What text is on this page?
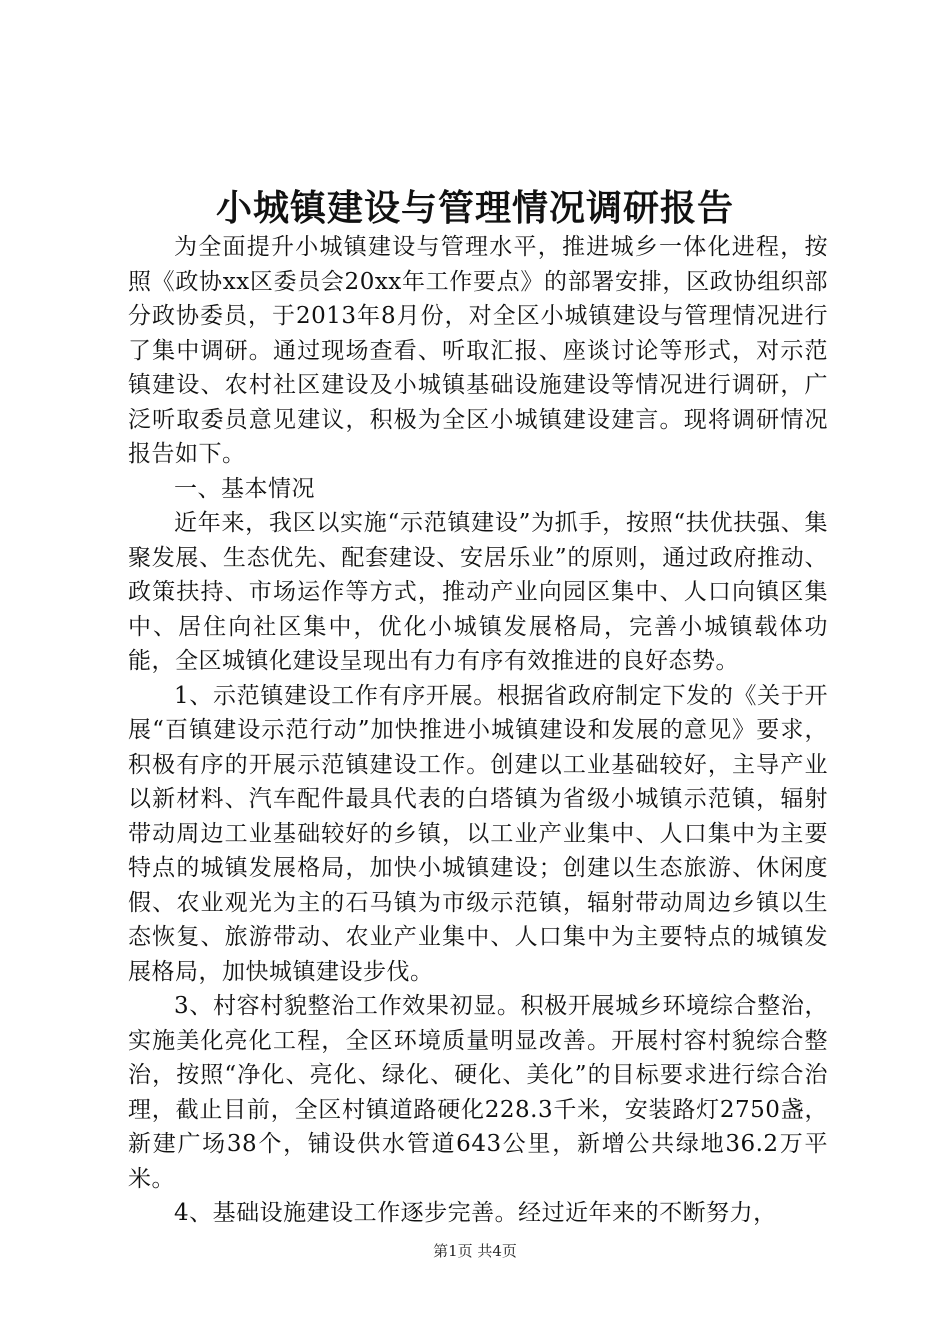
小城镇建设与管理情况调研报告

为全面提升小城镇建设与管理水平，推进城乡一体化进程，按照《政协xx区委员会20xx年工作要点》的部署安排，区政协组织部分政协委员，于2013年8月份，对全区小城镇建设与管理情况进行了集中调研。通过现场查看、听取汇报、座谈讨论等形式，对示范镇建设、农村社区建设及小城镇基础设施建设等情况进行调研，广泛听取委员意见建议，积极为全区小城镇建设建言。现将调研情况报告如下。

一、基本情况

近年来，我区以实施“示范镇建设”为抓手，按照“扶优扶强、集聚发展、生态优先、配套建设、安居乐业”的原则，通过政府推动、政策扶持、市场运作等方式，推动产业向园区集中、人口向镇区集中、居住向社区集中，优化小城镇发展格局，完善小城镇载体功能，全区城镇化建设呈现出有力有序有效推进的良好态势。

1、示范镇建设工作有序开展。根据省政府制定下发的《关于开展“百镇建设示范行动”加快推进小城镇建设和发展的意见》要求，积极有序的开展示范镇建设工作。创建以工业基础较好，主导产业以新材料、汽车配件最具代表的白塔镇为省级小城镇示范镇，辐射带动周边工业基础较好的乡镇，以工业产业集中、人口集中为主要特点的城镇发展格局，加快小城镇建设；创建以生态旅游、休闲度假、农业观光为主的石马镇为市级示范镇，辐射带动周边乡镇以生态恢复、旅游带动、农业产业集中、人口集中为主要特点的城镇发展格局，加快城镇建设步伐。

3、村容村貌整治工作效果初显。积极开展城乡环境综合整治，实施美化亮化工程，全区环境质量明显改善。开展村容村貌综合整治，按照“净化、亮化、绿化、硬化、美化”的目标要求进行综合治理，截止目前，全区村镇道路硬化228.3千米，安装路灯2750盏，新建广场38个，铺设供水管道643公里，新增公共绿地36.2万平米。

4、基础设施建设工作逐步完善。经过近年来的不断努力，

第1页 共4页
